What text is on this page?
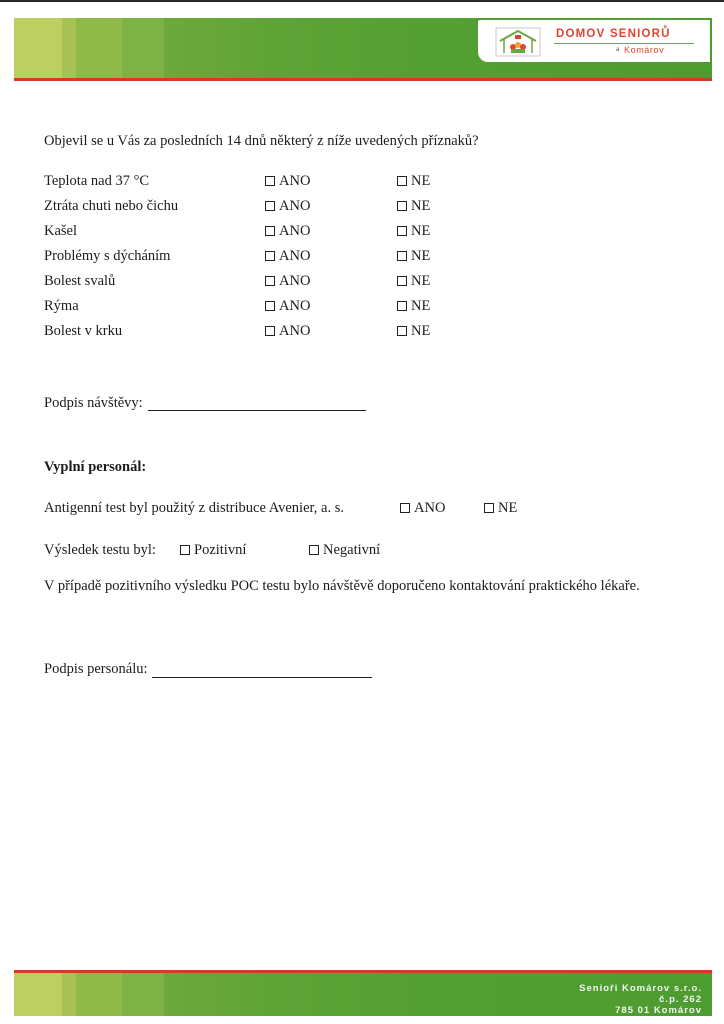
DOMOV SENIORŮ
a Komárov
Objevil se u Vás za posledních 14 dnů některý z níže uvedených příznaků?
Teplota nad 37 °C	ANO	NE
Ztráta chuti nebo čichu	ANO	NE
Kašel	ANO	NE
Problémy s dýcháním	ANO	NE
Bolest svalů	ANO	NE
Rýma	ANO	NE
Bolest v krku	ANO	NE
Podpis návštěvy:
Vyplní personál:
Antigenní test byl použitý z distribuce Avenier, a. s.	ANO	NE
Výsledek testu byl:	Pozitivní	Negativní
V případě pozitivního výsledku POC testu bylo návštěvě doporučeno kontaktování praktického lékaře.
Podpis personálu:
Senioři Komárov s.r.o.
č.p. 262
785 01 Komárov
